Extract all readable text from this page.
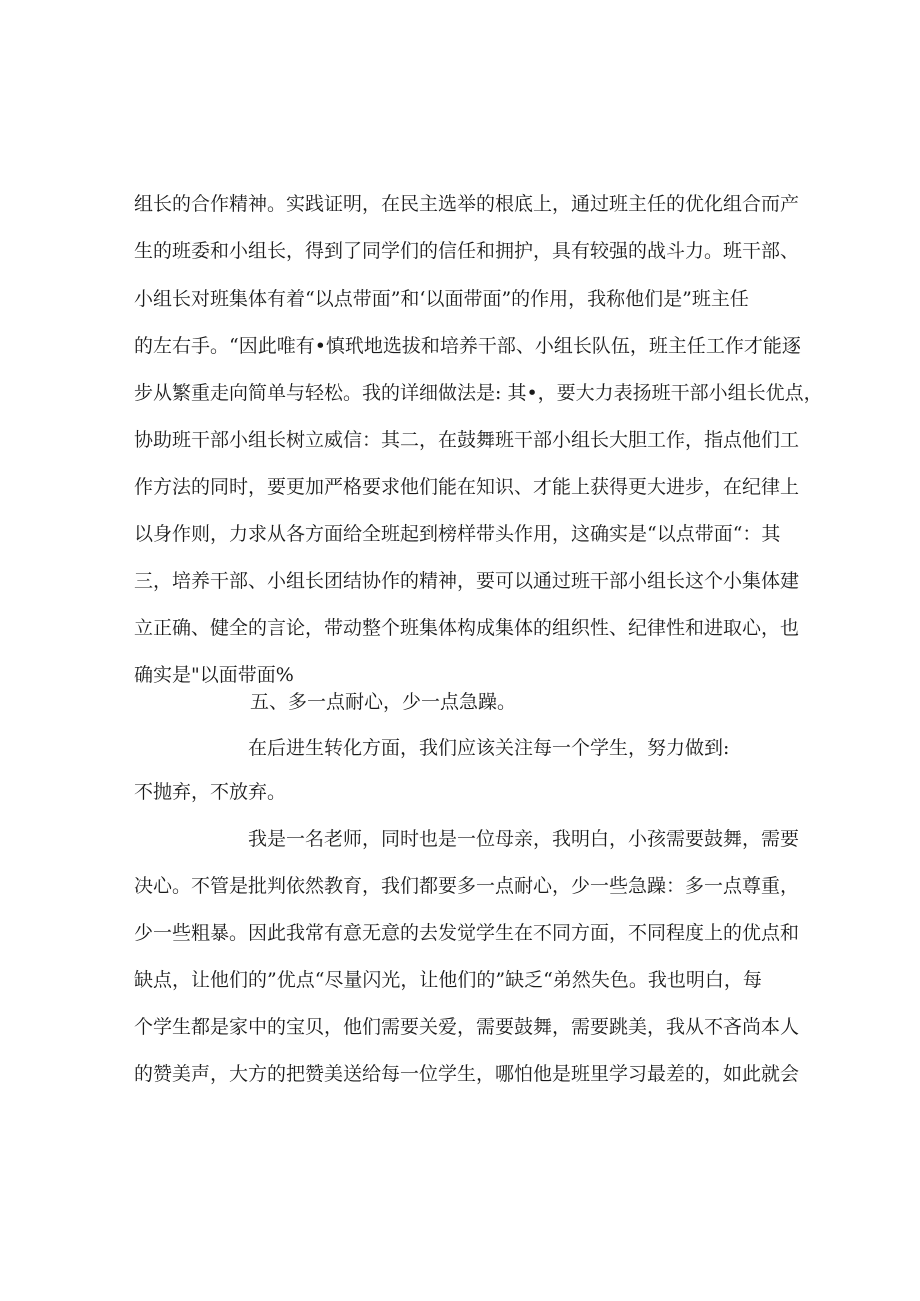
组长的合作精神。实践证明，在民主选举的根底上，通过班主任的优化组合而产
生的班委和小组长，得到了同学们的信任和拥护，具有较强的战斗力。班干部、
小组长对班集体有着“以点带面”和‘以面带面”的作用，我称他们是”班主任
的左右手。“因此唯有•慎玳地选拔和培养干部、小组长队伍，班主任工作才能逐
步从繁重走向简单与轻松。我的详细做法是: 其•，要大力表扬班干部小组长优点，
协助班干部小组长树立威信：其二，在鼓舞班干部小组长大胆工作，指点他们工
作方法的同时，要更加严格要求他们能在知识、才能上获得更大进步，在纪律上
以身作则，力求从各方面给全班起到榜样带头作用，这确实是“以点带面“：其
三，培养干部、小组长团结协作的精神，要可以通过班干部小组长这个小集体建
立正确、健全的言论，带动整个班集体构成集体的组织性、纪律性和进取心，也
确实是"以面带面%
五、多一点耐心，少一点急躁。
在后进生转化方面，我们应该关注每一个学生，努力做到:
不抛弃，不放弃。
我是一名老师，同时也是一位母亲，我明白，小孩需要鼓舞，需要
决心。不管是批判依然教育，我们都要多一点耐心，少一些急躁：多一点尊重，
少一些粗暴。因此我常有意无意的去发觉学生在不同方面，不同程度上的优点和
缺点，让他们的”优点“尽量闪光，让他们的”缺乏“弟然失色。我也明白，每
个学生都是家中的宝贝，他们需要关爱，需要鼓舞，需要跳美，我从不吝尚本人
的赞美声，大方的把赞美送给每一位学生，哪怕他是班里学习最差的，如此就会
